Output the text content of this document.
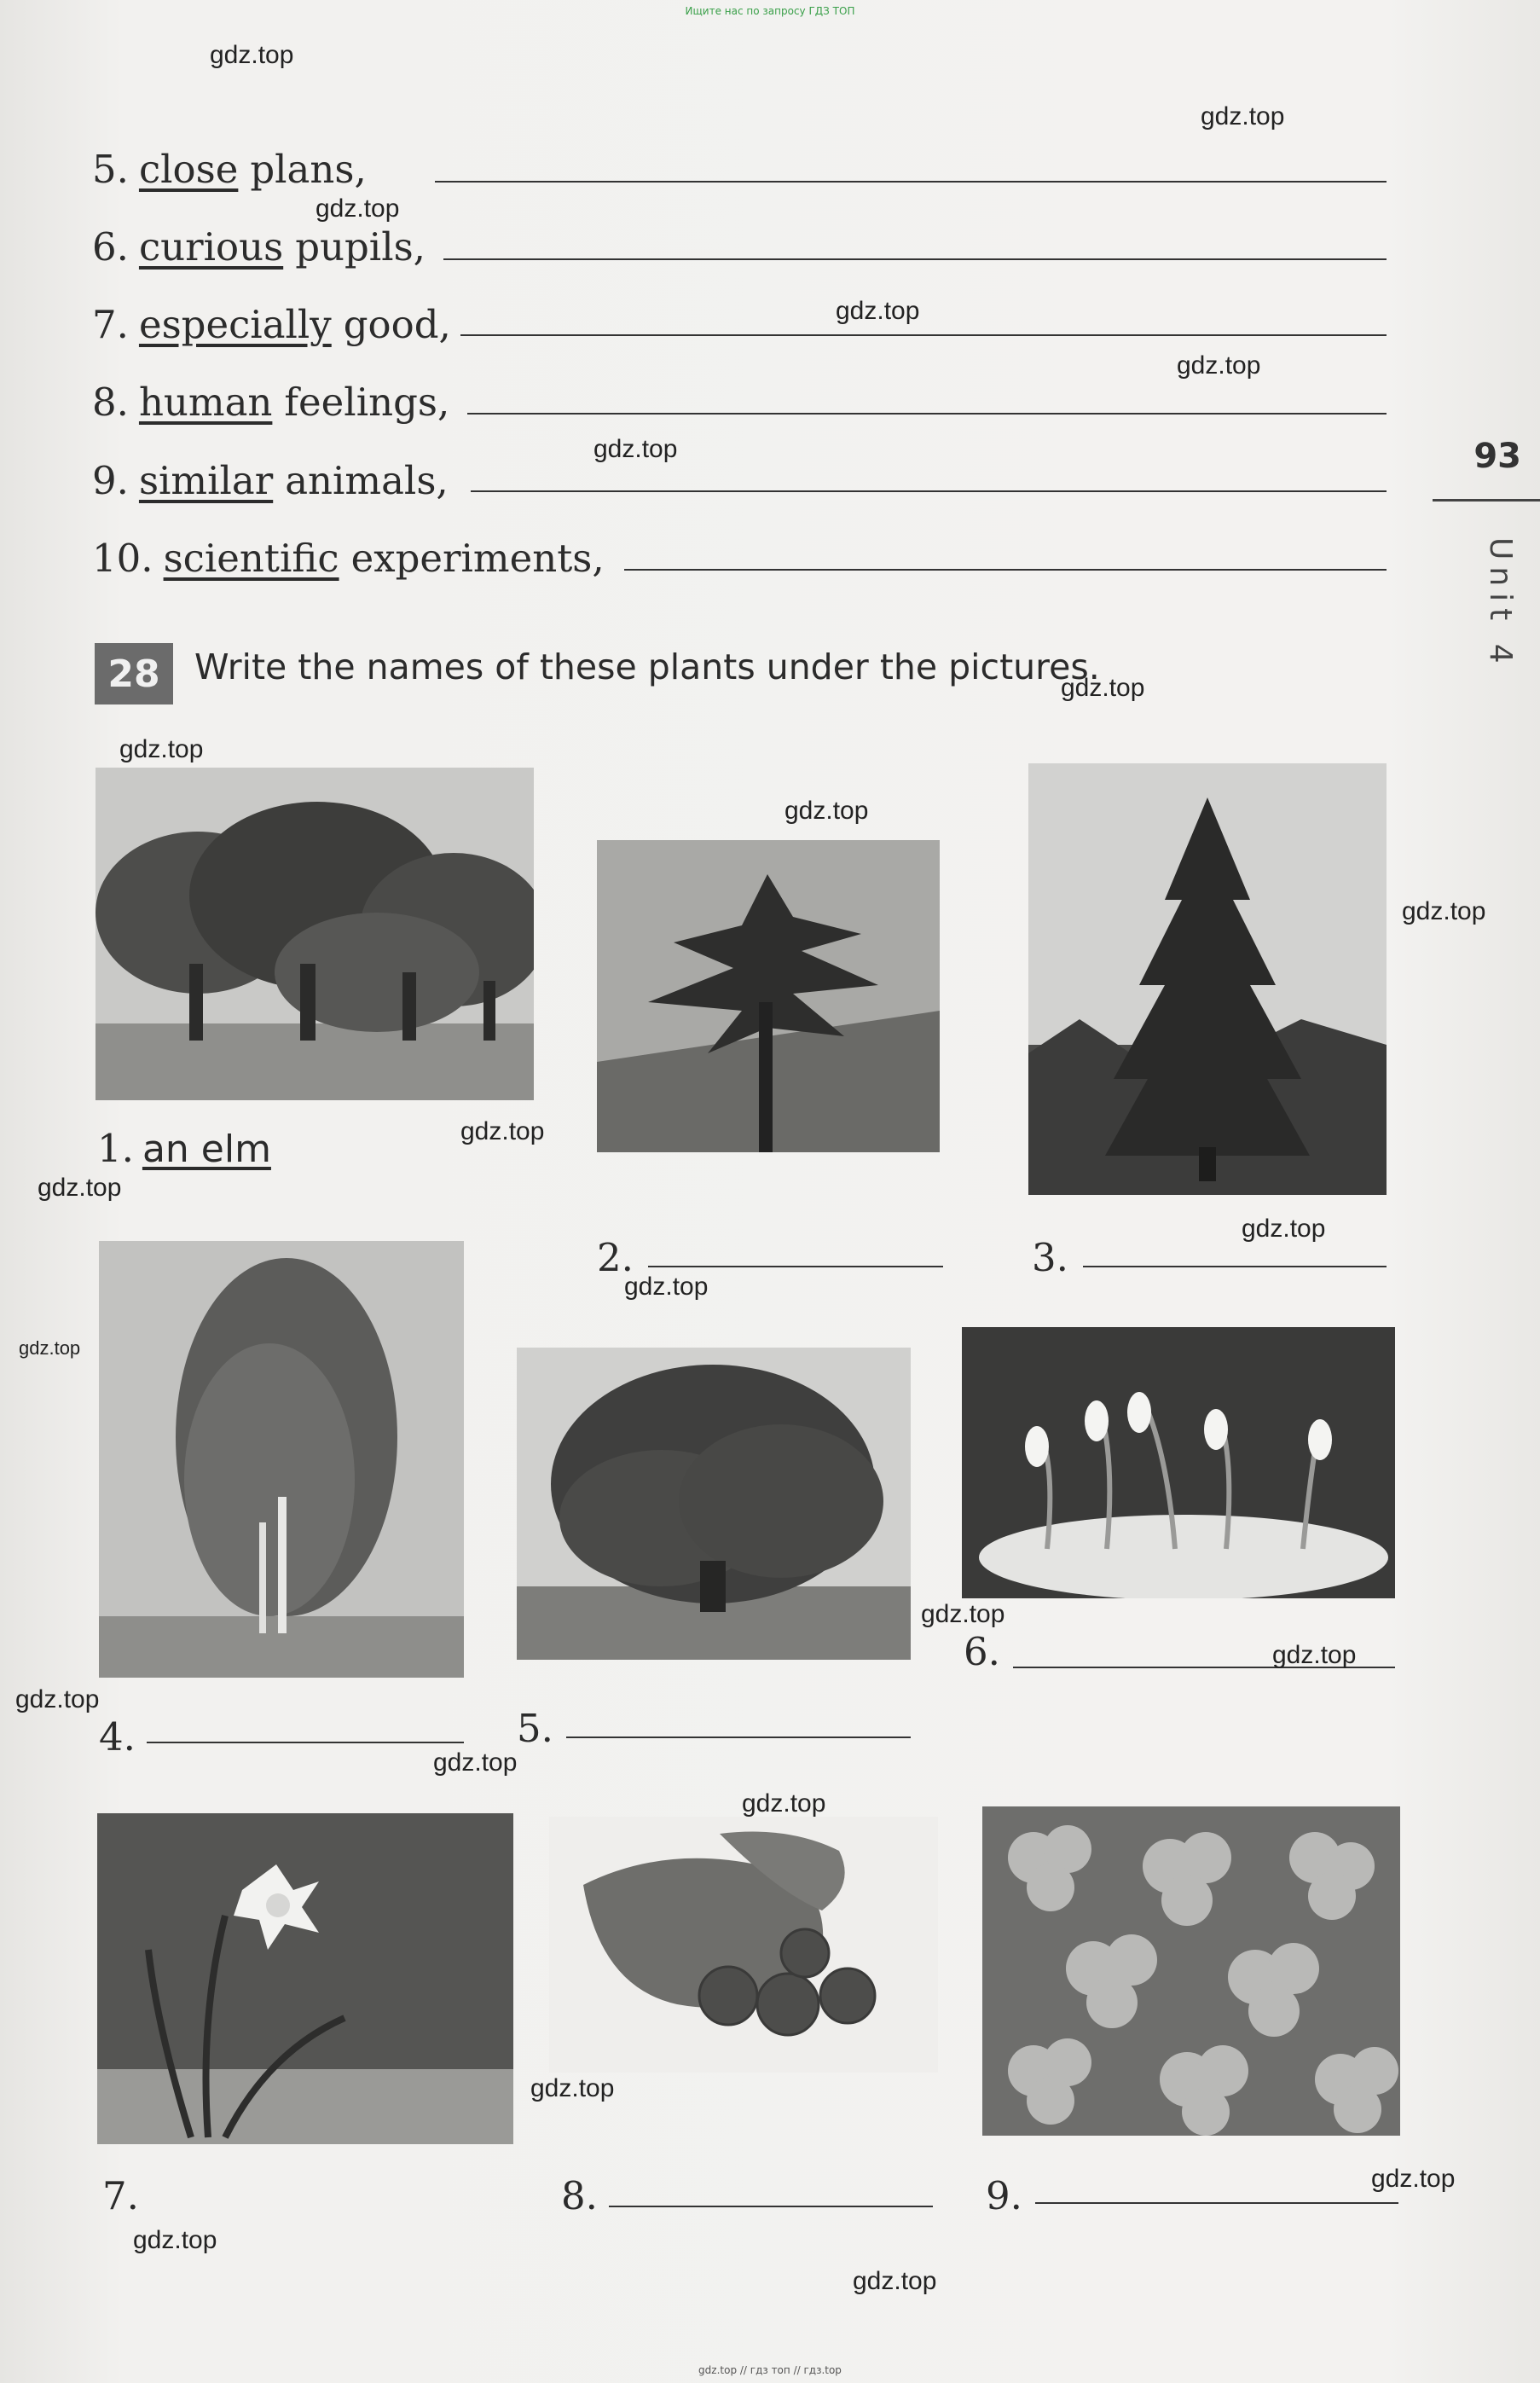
Ищите нас по запросу ГДЗ ТОП
5. close plans,
6. curious pupils,
7. especially good,
8. human feelings,
9. similar animals,
10. scientific experiments,
93
Unit 4
28 Write the names of these plants under the pictures.
1. an elm
2.	3.
4.	5.
6.
7.	8.	9.
gdz.top
gdz.top
gdz.top
gdz.top
gdz.top
gdz.top
gdz.top
gdz.top
gdz.top
gdz.top
gdz.top
gdz.top
gdz.top
gdz.top
gdz.top
gdz.top
gdz.top
gdz.top
gdz.top
gdz.top
gdz.top
gdz.top
gdz.top
gdz.top
gdz.top // гдз топ // гдз.top
